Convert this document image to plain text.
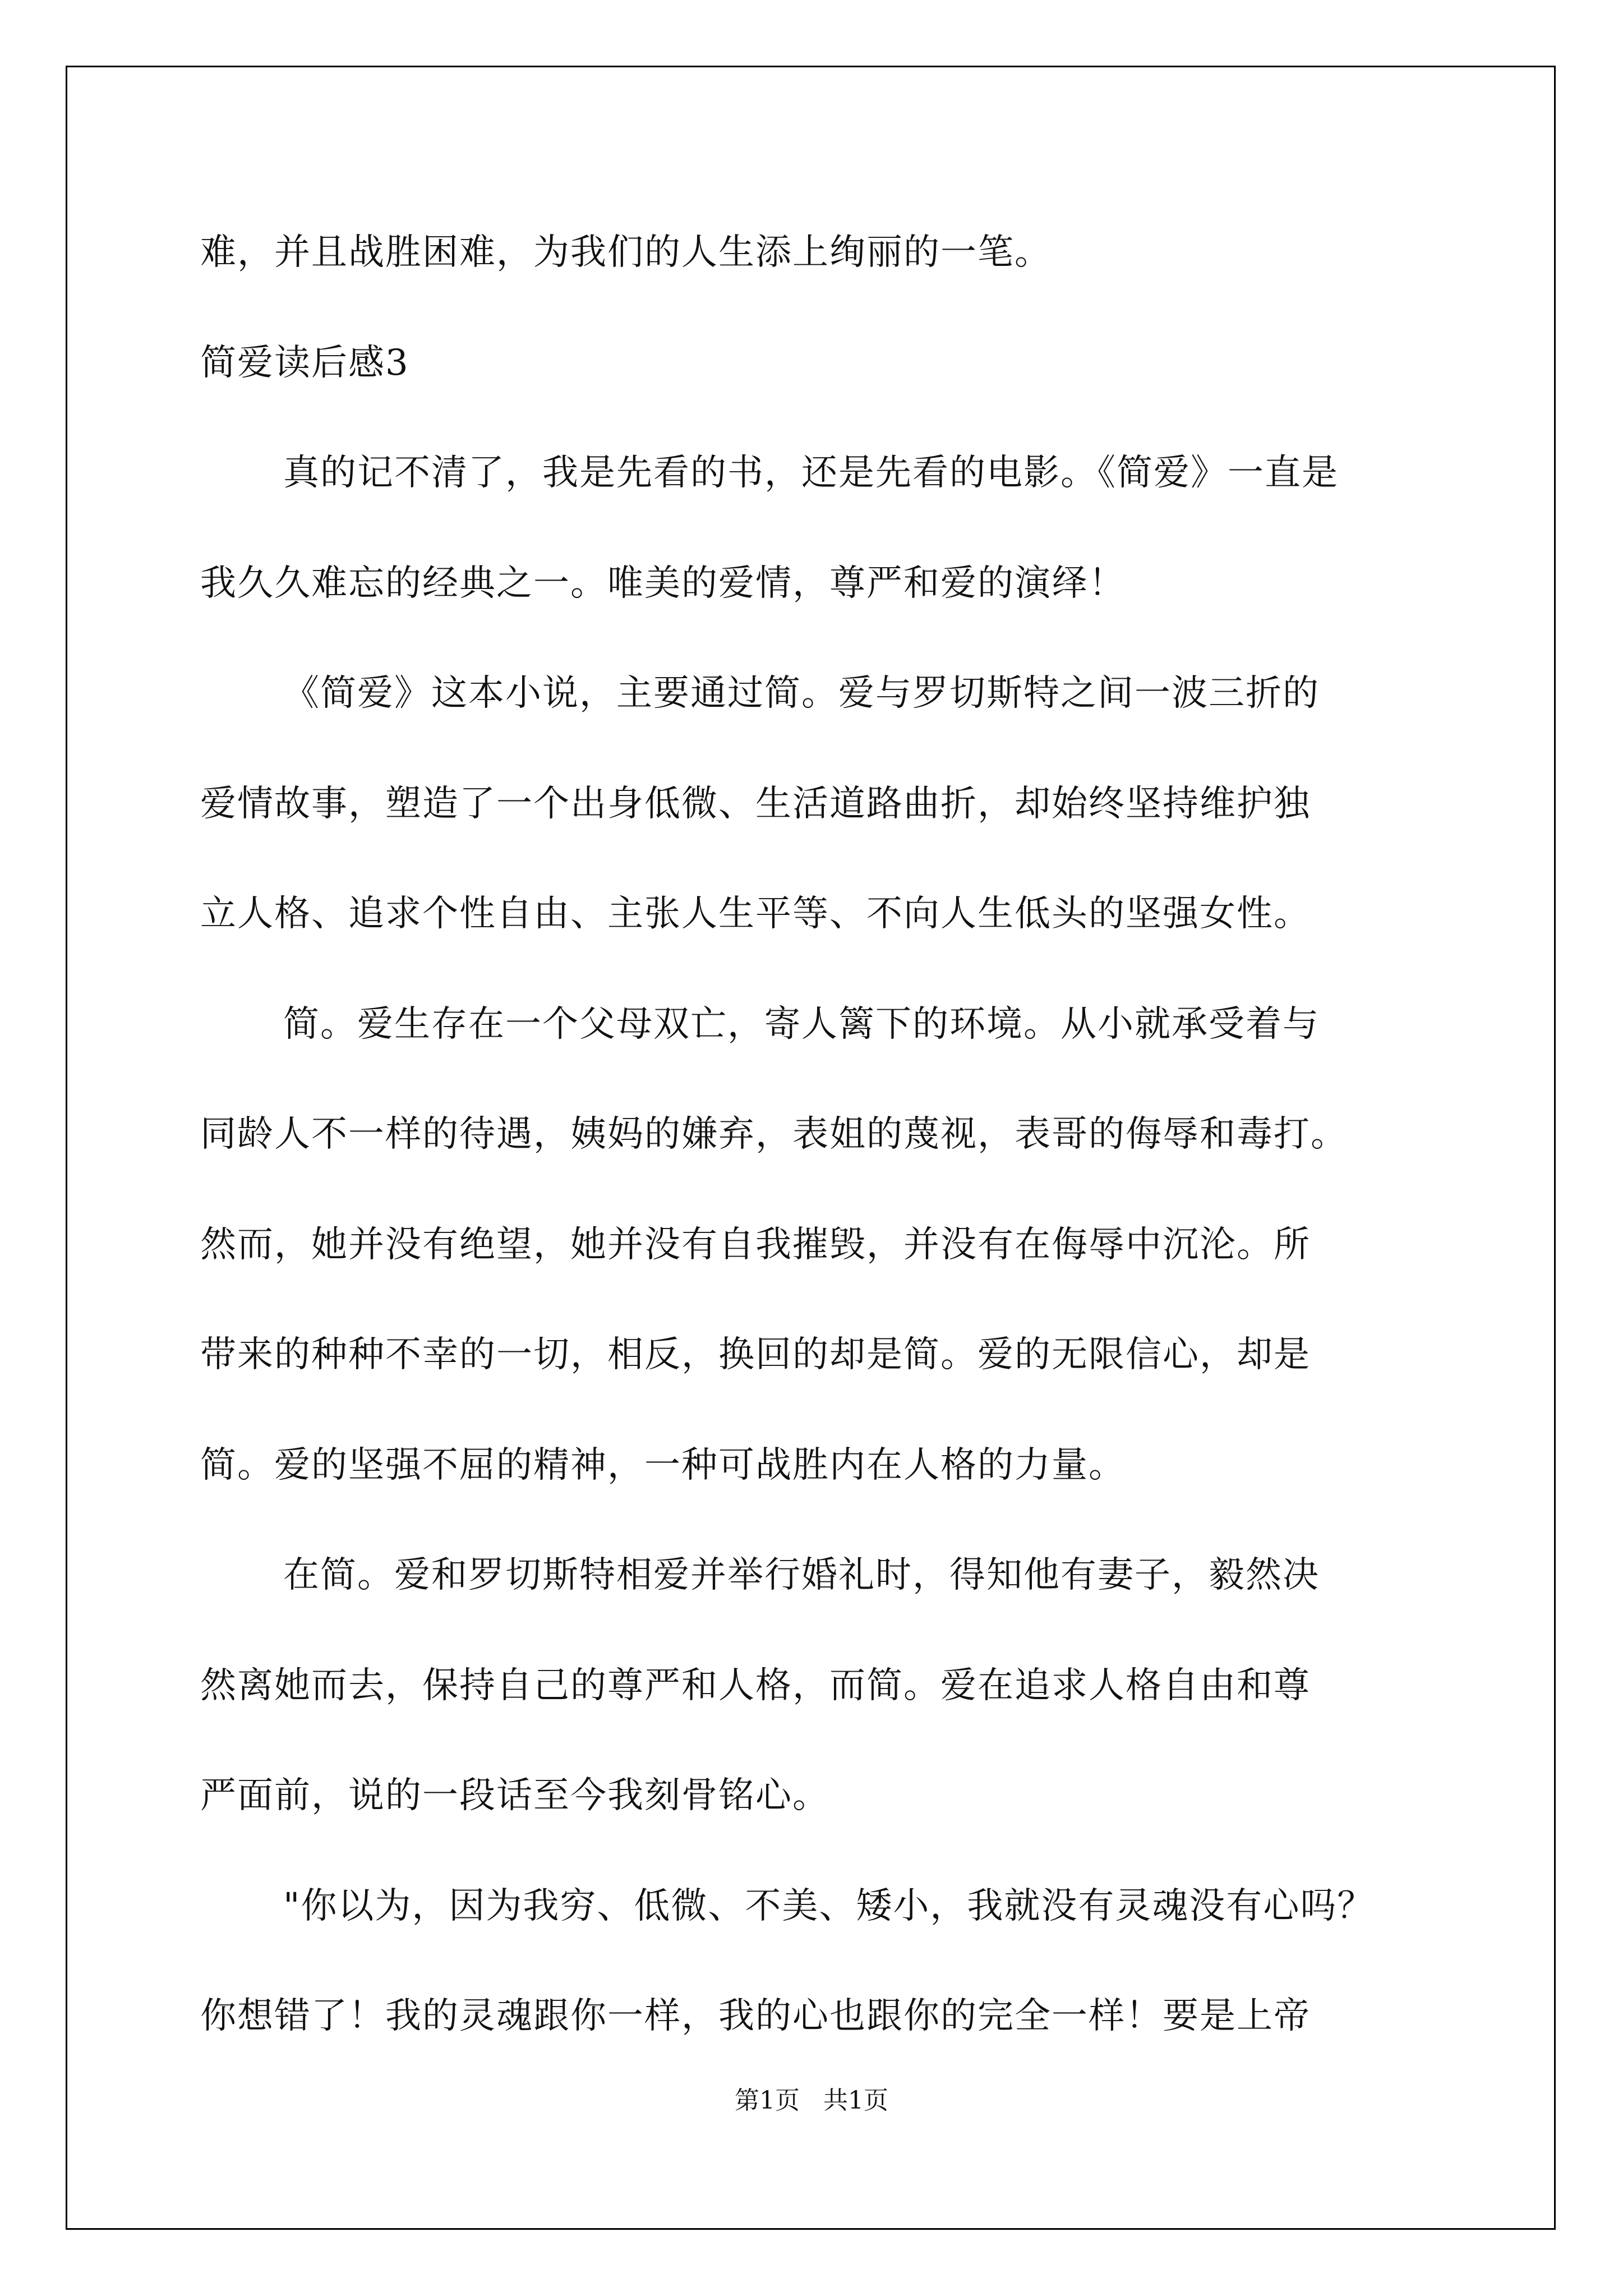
难，并且战胜困难，为我们的人生添上绚丽的一笔。
简爱读后感3
真的记不清了，我是先看的书，还是先看的电影。《简爱》一直是
我久久难忘的经典之一。唯美的爱情，尊严和爱的演绎！
《简爱》这本小说，主要通过简。爱与罗切斯特之间一波三折的
爱情故事，塑造了一个出身低微、生活道路曲折，却始终坚持维护独
立人格、追求个性自由、主张人生平等、不向人生低头的坚强女性。
简。爱生存在一个父母双亡，寄人篱下的环境。从小就承受着与
同龄人不一样的待遇，姨妈的嫌弃，表姐的蔑视，表哥的侮辱和毒打。
然而，她并没有绝望，她并没有自我摧毁，并没有在侮辱中沉沦。所
带来的种种不幸的一切，相反，换回的却是简。爱的无限信心，却是
简。爱的坚强不屈的精神，一种可战胜内在人格的力量。
在简。爱和罗切斯特相爱并举行婚礼时，得知他有妻子，毅然决
然离她而去，保持自己的尊严和人格，而简。爱在追求人格自由和尊
严面前，说的一段话至今我刻骨铭心。
"你以为，因为我穷、低微、不美、矮小，我就没有灵魂没有心吗？
你想错了！我的灵魂跟你一样，我的心也跟你的完全一样！要是上帝
第1页   共1页
